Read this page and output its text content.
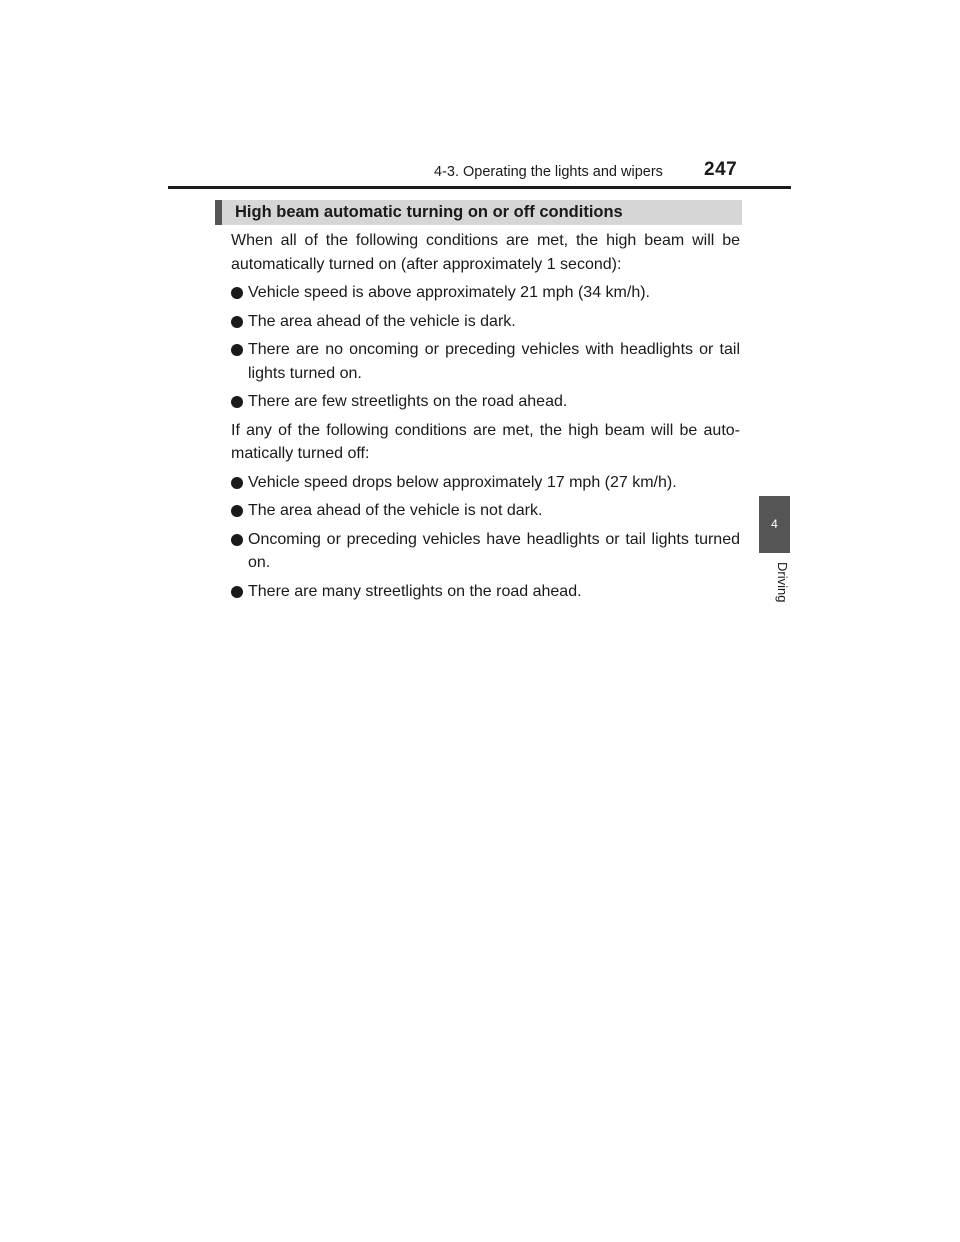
4-3. Operating the lights and wipers 247
4
Driving
High beam automatic turning on or off conditions

When all of the following conditions are met, the high beam will be automatically turned on (after approximately 1 second):

Vehicle speed is above approximately 21 mph (34 km/h).
The area ahead of the vehicle is dark.
There are no oncoming or preceding vehicles with headlights or tail lights turned on.
There are few streetlights on the road ahead.

If any of the following conditions are met, the high beam will be auto-matically turned off:

Vehicle speed drops below approximately 17 mph (27 km/h).
The area ahead of the vehicle is not dark.
Oncoming or preceding vehicles have headlights or tail lights turned on.
There are many streetlights on the road ahead.
